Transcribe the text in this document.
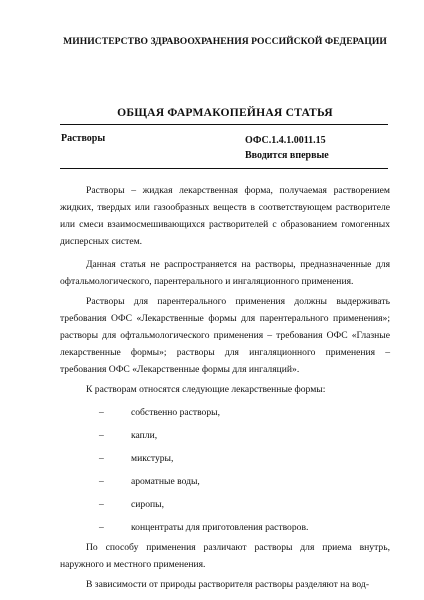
МИНИСТЕРСТВО ЗДРАВООХРАНЕНИЯ РОССИЙСКОЙ ФЕДЕРАЦИИ
ОБЩАЯ ФАРМАКОПЕЙНАЯ СТАТЬЯ
Растворы	ОФС.1.4.1.0011.15
Вводится впервые

Растворы – жидкая лекарственная форма, получаемая растворением жидких, твердых или газообразных веществ в соответствующем растворителе или смеси взаимосмешивающихся растворителей с образованием гомогенных дисперсных систем.

Данная статья не распространяется на растворы, предназначенные для офтальмологического, парентерального и ингаляционного применения.

Растворы для парентерального применения должны выдерживать требования ОФС «Лекарственные формы для парентерального применения»; растворы для офтальмологического применения – требования ОФС «Глазные лекарственные формы»; растворы для ингаляционного применения – требования ОФС «Лекарственные формы для ингаляций».

К растворам относятся следующие лекарственные формы:

–	собственно растворы,
–	капли,
–	микстуры,
–	ароматные воды,
–	сиропы,
–	концентраты для приготовления растворов.

По способу применения различают растворы для приема внутрь, наружного и местного применения.

В зависимости от природы растворителя растворы разделяют на вод-
